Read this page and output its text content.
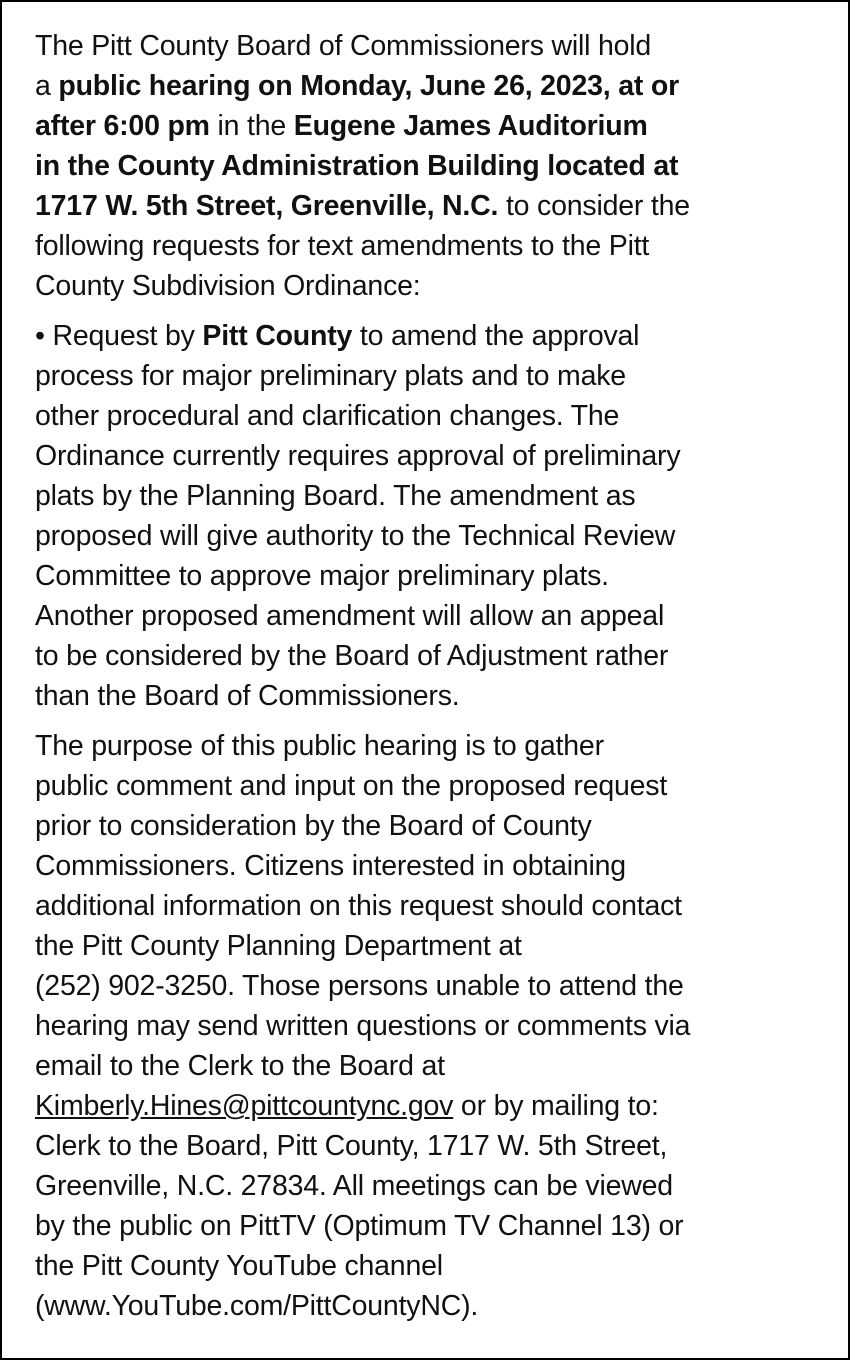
The Pitt County Board of Commissioners will hold
a public hearing on Monday, June 26, 2023, at or
after 6:00 pm in the Eugene James Auditorium
in the County Administration Building located at
1717 W. 5th Street, Greenville, N.C. to consider the
following requests for text amendments to the Pitt
County Subdivision Ordinance:
• Request by Pitt County to amend the approval
process for major preliminary plats and to make
other procedural and clarification changes. The
Ordinance currently requires approval of preliminary
plats by the Planning Board. The amendment as
proposed will give authority to the Technical Review
Committee to approve major preliminary plats.
Another proposed amendment will allow an appeal
to be considered by the Board of Adjustment rather
than the Board of Commissioners.
The purpose of this public hearing is to gather
public comment and input on the proposed request
prior to consideration by the Board of County
Commissioners. Citizens interested in obtaining
additional information on this request should contact
the Pitt County Planning Department at
(252) 902-3250. Those persons unable to attend the
hearing may send written questions or comments via
email to the Clerk to the Board at
Kimberly.Hines@pittcountync.gov or by mailing to:
Clerk to the Board, Pitt County, 1717 W. 5th Street,
Greenville, N.C. 27834. All meetings can be viewed
by the public on PittTV (Optimum TV Channel 13) or
the Pitt County YouTube channel
(www.YouTube.com/PittCountyNC).
